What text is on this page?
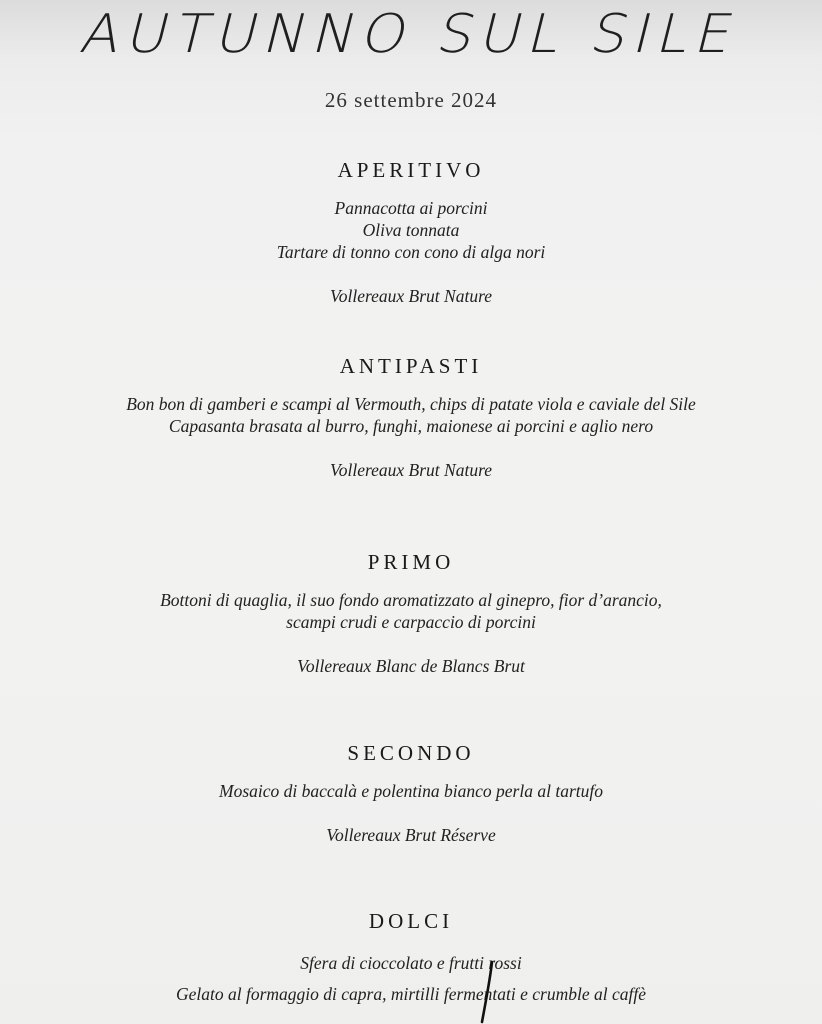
AUTUNNO SUL SILE
26 settembre 2024
APERITIVO
Pannacotta ai porcini
Oliva tonnata
Tartare di tonno con cono di alga nori
Vollereaux Brut Nature
ANTIPASTI
Bon bon di gamberi e scampi al Vermouth, chips di patate viola e caviale del Sile
Capasanta brasata al burro, funghi, maionese ai porcini e aglio nero
Vollereaux Brut Nature
PRIMO
Bottoni di quaglia, il suo fondo aromatizzato al ginepro, fior d’arancio,
scampi crudi e carpaccio di porcini
Vollereaux Blanc de Blancs Brut
SECONDO
Mosaico di baccalà e polentina bianco perla al tartufo
Vollereaux Brut Réserve
DOLCI
Sfera di cioccolato e frutti rossi
Gelato al formaggio di capra, mirtilli fermentati e crumble al caffè
